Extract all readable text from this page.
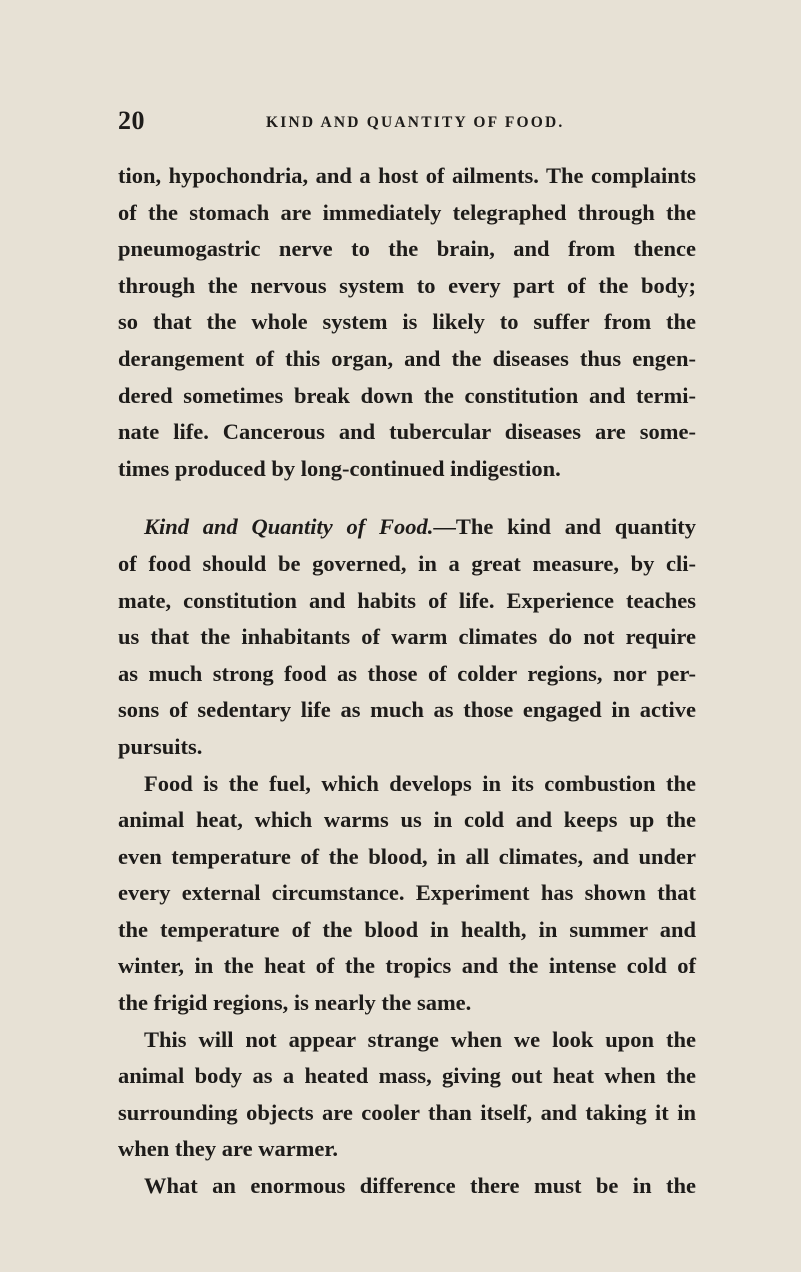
20	KIND AND QUANTITY OF FOOD.
tion, hypochondria, and a host of ailments. The complaints
of the stomach are immediately telegraphed through the
pneumogastric nerve to the brain, and from thence
through the nervous system to every part of the body;
so that the whole system is likely to suffer from the
derangement of this organ, and the diseases thus engen-
dered sometimes break down the constitution and termi-
nate life. Cancerous and tubercular diseases are some-
times produced by long-continued indigestion.
Kind and Quantity of Food.—The kind and quantity
of food should be governed, in a great measure, by cli-
mate, constitution and habits of life. Experience teaches
us that the inhabitants of warm climates do not require
as much strong food as those of colder regions, nor per-
sons of sedentary life as much as those engaged in active
pursuits.
Food is the fuel, which develops in its combustion the
animal heat, which warms us in cold and keeps up the
even temperature of the blood, in all climates, and under
every external circumstance. Experiment has shown that
the temperature of the blood in health, in summer and
winter, in the heat of the tropics and the intense cold of
the frigid regions, is nearly the same.
This will not appear strange when we look upon the
animal body as a heated mass, giving out heat when the
surrounding objects are cooler than itself, and taking it in
when they are warmer.
What an enormous difference there must be in the
